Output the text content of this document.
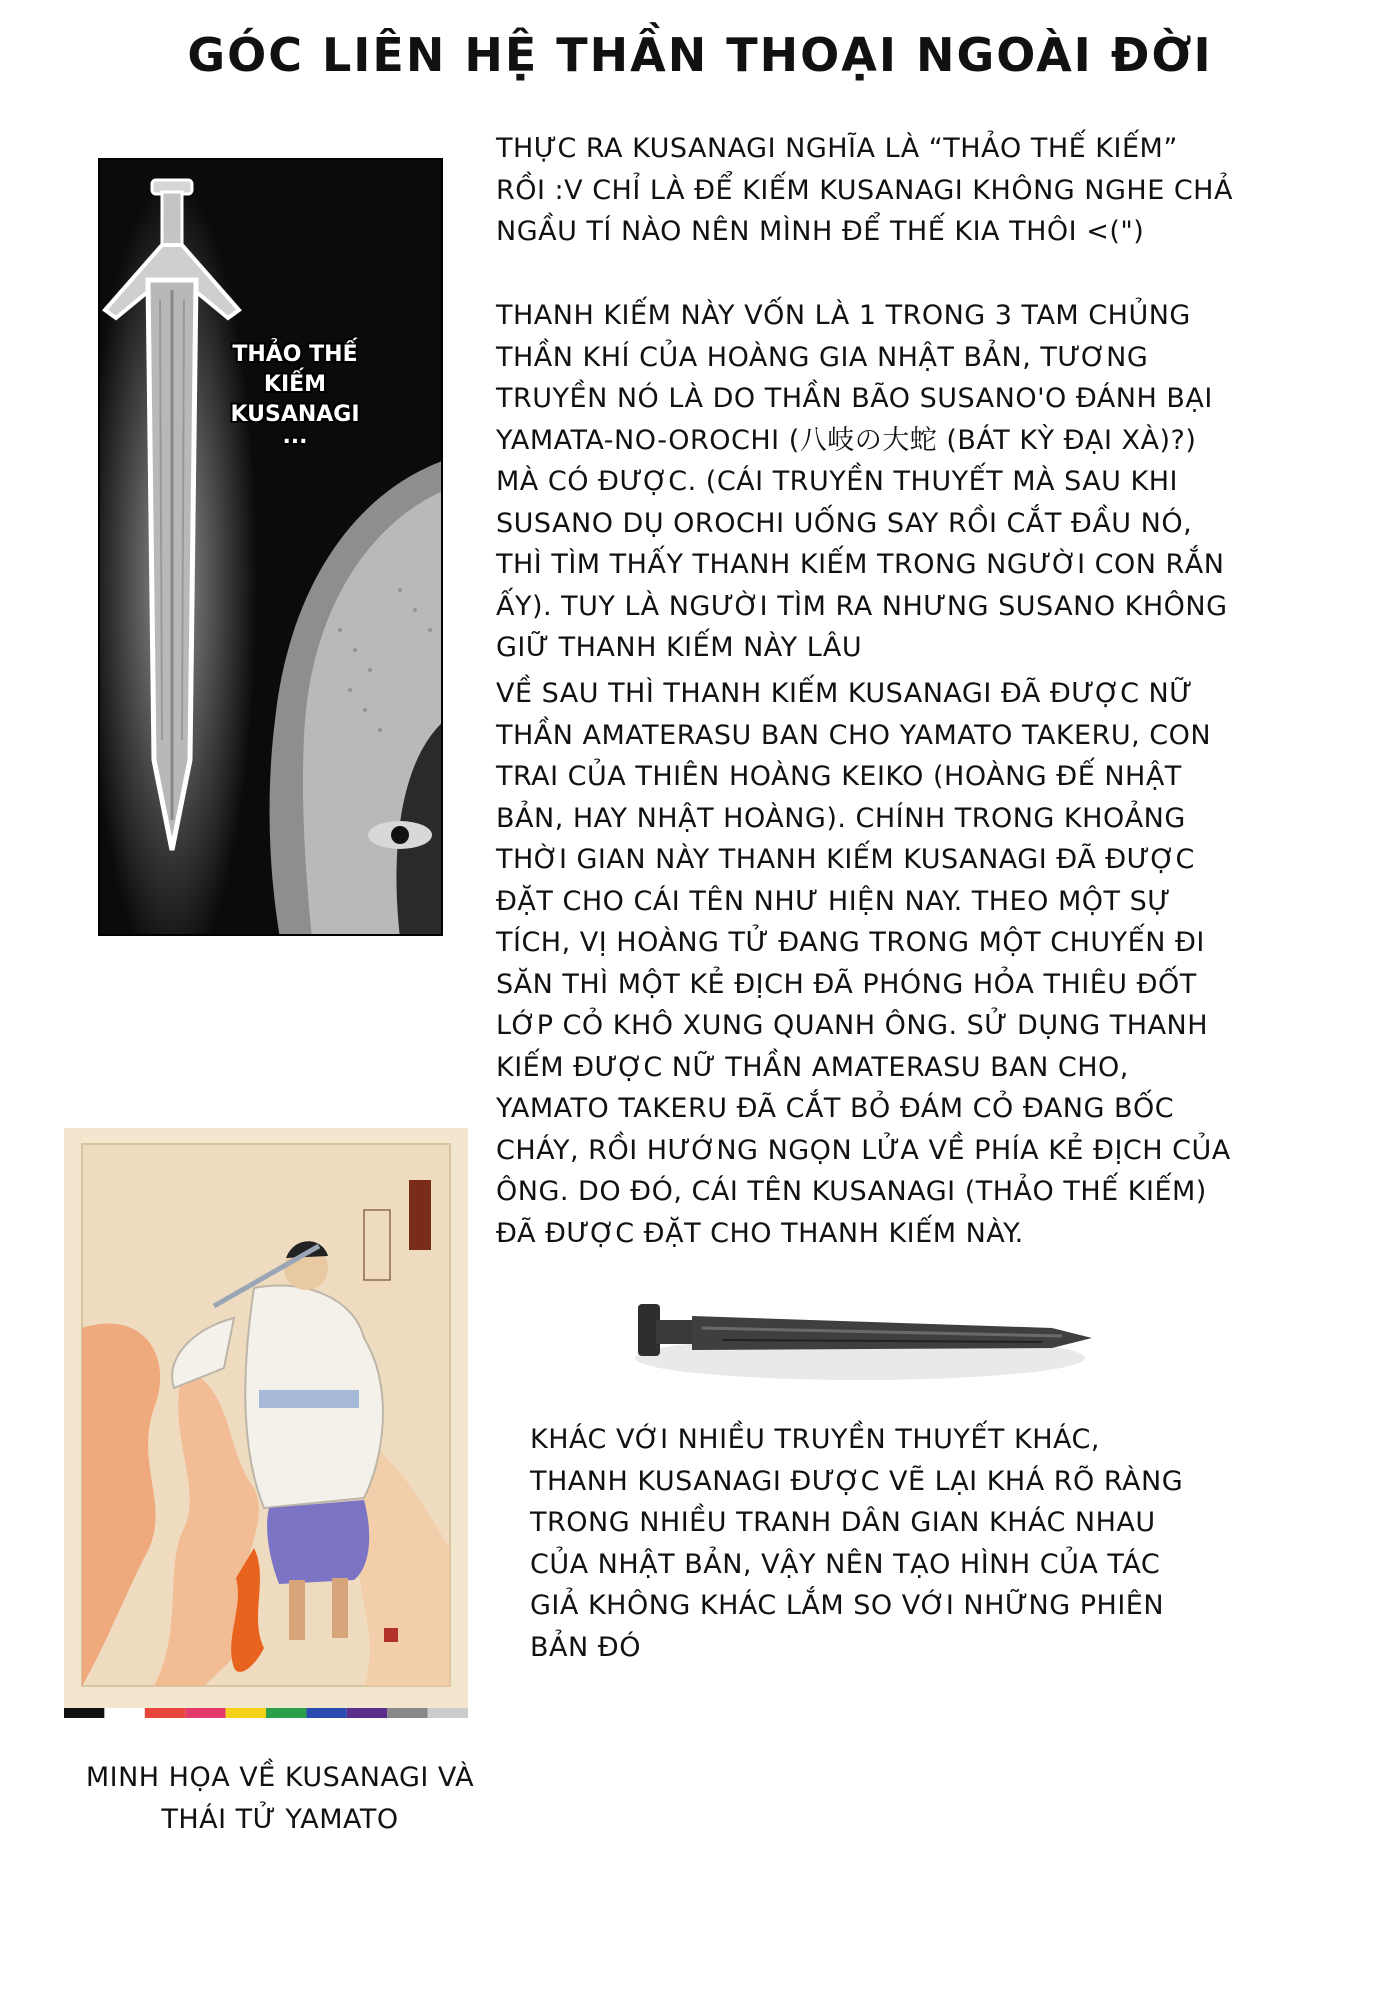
GÓC LIÊN HỆ THẦN THOẠI NGOÀI ĐỜI
THẢO THẾ
KIẾM
KUSANAGI
...

THỰC RA KUSANAGI NGHĨA LÀ “THẢO THẾ KIẾM”
RỒI :V CHỈ LÀ ĐỂ KIẾM KUSANAGI KHÔNG NGHE CHẢ
NGẦU TÍ NÀO NÊN MÌNH ĐỂ THẾ KIA THÔI <(")

THANH KIẾM NÀY VỐN LÀ 1 TRONG 3 TAM CHỦNG
THẦN KHÍ CỦA HOÀNG GIA NHẬT BẢN, TƯƠNG
TRUYỀN NÓ LÀ DO THẦN BÃO SUSANO'O ĐÁNH BẠI
YAMATA-NO-OROCHI (八岐の大蛇 (BÁT KỲ ĐẠI XÀ)?)
MÀ CÓ ĐƯỢC. (CÁI TRUYỀN THUYẾT MÀ SAU KHI
SUSANO DỤ OROCHI UỐNG SAY RỒI CẮT ĐẦU NÓ,
THÌ TÌM THẤY THANH KIẾM TRONG NGƯỜI CON RẮN
ẤY). TUY LÀ NGƯỜI TÌM RA NHƯNG SUSANO KHÔNG
GIỮ THANH KIẾM NÀY LÂU

VỀ SAU THÌ THANH KIẾM KUSANAGI ĐÃ ĐƯỢC NỮ
THẦN AMATERASU BAN CHO YAMATO TAKERU, CON
TRAI CỦA THIÊN HOÀNG KEIKO (HOÀNG ĐẾ NHẬT
BẢN, HAY NHẬT HOÀNG). CHÍNH TRONG KHOẢNG
THỜI GIAN NÀY THANH KIẾM KUSANAGI ĐÃ ĐƯỢC
ĐẶT CHO CÁI TÊN NHƯ HIỆN NAY. THEO MỘT SỰ
TÍCH, VỊ HOÀNG TỬ ĐANG TRONG MỘT CHUYẾN ĐI
SĂN THÌ MỘT KẺ ĐỊCH ĐÃ PHÓNG HỎA THIÊU ĐỐT
LỚP CỎ KHÔ XUNG QUANH ÔNG. SỬ DỤNG THANH
KIẾM ĐƯỢC NỮ THẦN AMATERASU BAN CHO,
YAMATO TAKERU ĐÃ CẮT BỎ ĐÁM CỎ ĐANG BỐC
CHÁY, RỒI HƯỚNG NGỌN LỬA VỀ PHÍA KẺ ĐỊCH CỦA
ÔNG. DO ĐÓ, CÁI TÊN KUSANAGI (THẢO THẾ KIẾM)
ĐÃ ĐƯỢC ĐẶT CHO THANH KIẾM NÀY.

KHÁC VỚI NHIỀU TRUYỀN THUYẾT KHÁC,
THANH KUSANAGI ĐƯỢC VẼ LẠI KHÁ RÕ RÀNG
TRONG NHIỀU TRANH DÂN GIAN KHÁC NHAU
CỦA NHẬT BẢN, VẬY NÊN TẠO HÌNH CỦA TÁC
GIẢ KHÔNG KHÁC LẮM SO VỚI NHỮNG PHIÊN
BẢN ĐÓ

MINH HỌA VỀ KUSANAGI VÀ
THÁI TỬ YAMATO
